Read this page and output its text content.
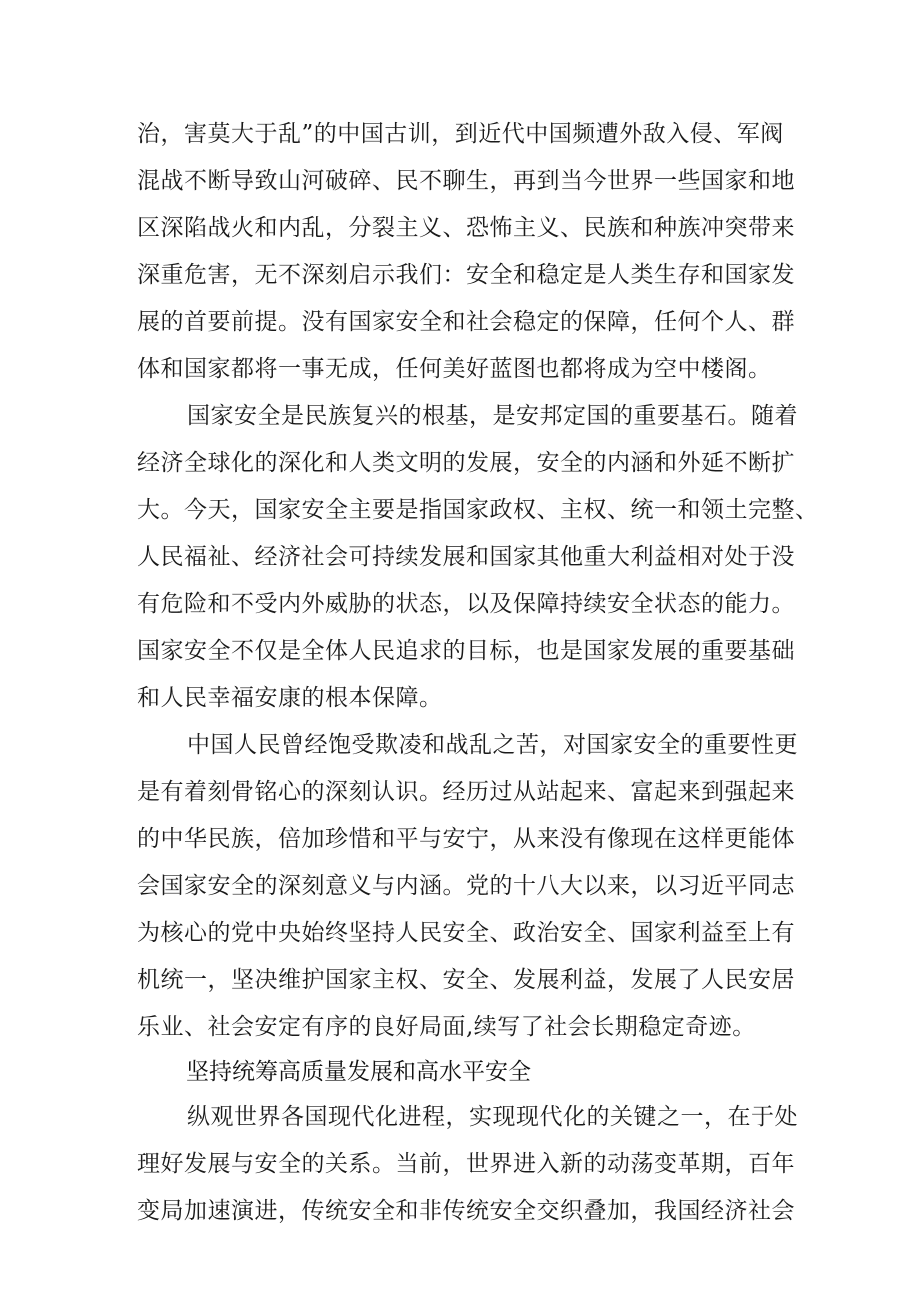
治，害莫大于乱”的中国古训，到近代中国频遭外敌入侵、军阀
混战不断导致山河破碎、民不聊生，再到当今世界一些国家和地
区深陷战火和内乱，分裂主义、恐怖主义、民族和种族冲突带来
深重危害，无不深刻启示我们：安全和稳定是人类生存和国家发
展的首要前提。没有国家安全和社会稳定的保障，任何个人、群
体和国家都将一事无成，任何美好蓝图也都将成为空中楼阁。
国家安全是民族复兴的根基，是安邦定国的重要基石。随着
经济全球化的深化和人类文明的发展，安全的内涵和外延不断扩
大。今天，国家安全主要是指国家政权、主权、统一和领土完整、
人民福祉、经济社会可持续发展和国家其他重大利益相对处于没
有危险和不受内外威胁的状态，以及保障持续安全状态的能力。
国家安全不仅是全体人民追求的目标，也是国家发展的重要基础
和人民幸福安康的根本保障。
中国人民曾经饱受欺凌和战乱之苦，对国家安全的重要性更
是有着刻骨铭心的深刻认识。经历过从站起来、富起来到强起来
的中华民族，倍加珍惜和平与安宁，从来没有像现在这样更能体
会国家安全的深刻意义与内涵。党的十八大以来，以习近平同志
为核心的党中央始终坚持人民安全、政治安全、国家利益至上有
机统一，坚决维护国家主权、安全、发展利益，发展了人民安居
乐业、社会安定有序的良好局面,续写了社会长期稳定奇迹。
坚持统筹高质量发展和高水平安全
纵观世界各国现代化进程，实现现代化的关键之一，在于处
理好发展与安全的关系。当前，世界进入新的动荡变革期，百年
变局加速演进，传统安全和非传统安全交织叠加，我国经济社会
